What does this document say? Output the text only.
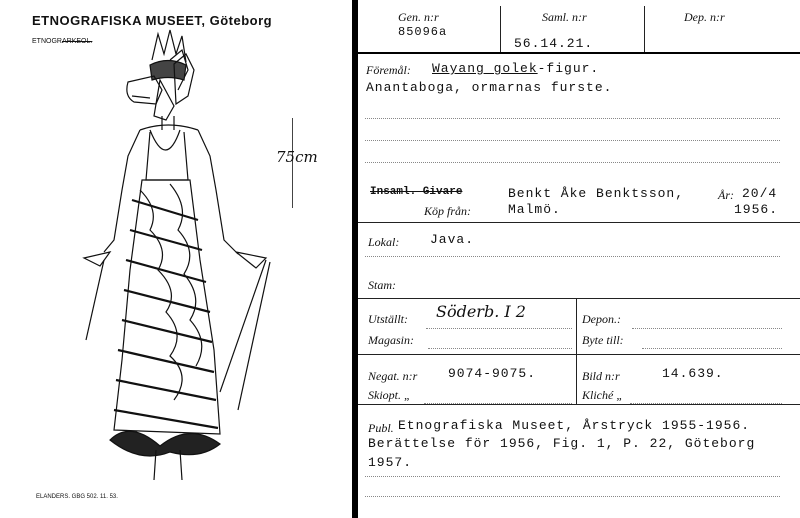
ETNOGRAFISKA MUSEET, Göteborg
ETNOGR.
ARKEOL.
75cm
ELANDERS. GBG 502. 11. 53.
Gen. n:r
85096a
Saml. n:r
56.14.21.
Dep. n:r
Föremål: Wayang golek-figur.
Anantaboga, ormarnas furste.
Insaml. Givare	Benkt Åke Benktsson,	År: 20/4
Köp från:	Malmö.	1956.
Lokal: Java.
Stam:
Utställt: Söderb. I 2	Depon.:
Magasin:	Byte till:
Negat. n:r 9074-9075.	Bild n:r	14.639.
Skiopt. „	Kliché „
Publ. Etnografiska Museet, Årstryck 1955-1956.
Berättelse för 1956, Fig. 1, P. 22, Göteborg
1957.
